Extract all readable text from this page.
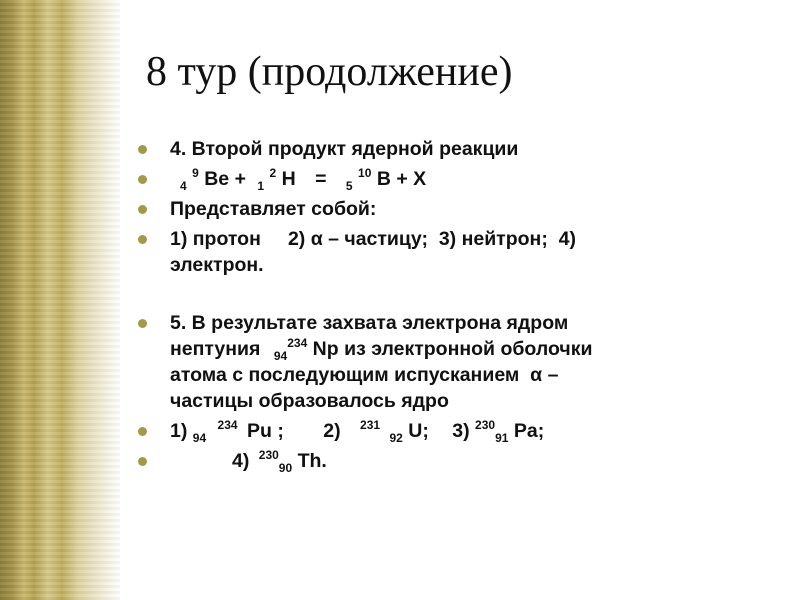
8 тур (продолжение)
4. Второй продукт ядерной реакции
$_4$ $^9$ Be + $_1$ $^2$ H = $_5$ $^{10}$ B + X
Представляет собой:
1) протон     2) α – частицу;  3) нейтрон;  4)
электрон.
5. В результате захвата электрона ядром
нептуния $_{94}^{234}$ Np из электронной оболочки
атома с последующим испусканием  α –
частицы образовалось ядро
1) $_{94}$ $^{234}$ Pu ; 2) $^{231}$ $_{92}$ U; 3) $^{230}_{91}$ Pa;
4) $^{230}_{90}$ Th.
